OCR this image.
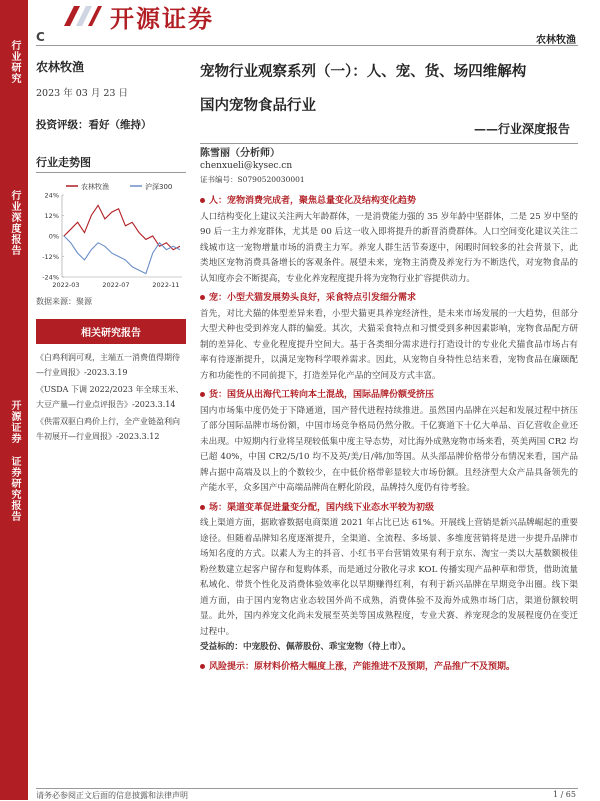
行业研究
行业深度报告
开源证券 证券研究报告
开源证券
C	农林牧渔
农林牧渔
2023 年 03 月 23 日
投资评级：看好（维持）
行业走势图
农林牧渔	沪深300
24%
12%
0%
-12%
-24%
2022-03	2022-07	2022-11
数据来源：聚源
相关研究报告
《白鸡利润可观，主端五一消费值得期待—行业周报》-2023.3.19
《USDA 下调 2022/2023 年全球玉米、大豆产量—行业点评报告》-2023.3.14
《供需双驱白鸡价上行，全产业链盈利向牛初展开—行业周报》-2023.3.12
宠物行业观察系列（一）：人、宠、货、场四维解构
国内宠物食品行业
——行业深度报告
陈雪丽（分析师）
chenxueli@kysec.cn
证书编号：S0790520030001
人：宠物消费完成者，聚焦总量变化及结构变化趋势
人口结构变化上建议关注两大年龄群体，一是消费能力强的 35 岁年龄中坚群体，二是 25 岁中坚的 90 后一主力养宠群体，尤其是 00 后这一收入即将提升的新晋消费群体。人口空间变化建议关注二线城市这一宠物增量市场的消费主力军。养宠人群生活节奏逐中，闲暇时间较多的社会背景下，此类地区宠物消费具备增长的客观条件。展望未来，宠物主消费及养宠行为不断迭代，对宠物食品的认知度亦会不断提高，专业化养宠程度提升将为宠物行业扩容提供动力。
宠：小型犬猫发展势头良好，采食特点引发细分需求
首先，对比犬猫的体型差异来看，小型犬猫更具养宠经济性，是未来市场发展的一大趋势，但部分大型犬种也受到养宠人群的偏爱。其次，犬猫采食特点和习惯受到多种因素影响，宠物食品配方研制的差异化、专业化程度提升空间大。基于各类细分需求进行打造设计的专业化犬猫食品市场占有率有待逐渐提升，以满足宠物科学喂养需求。因此，从宠物自身特性总结来看，宠物食品在廉颐配方和功能性的不同前提下，打造差异化产品的空间及方式丰富。
货：国货从出海代工转向本土混战，国际品牌份额受挤压
国内市场集中度仍处于下降通道，国产替代进程持续推进。虽然国内品牌在兴起和发展过程中挤压了部分国际品牌市场份额，中国市场竞争格局仍然分散。千亿赛道下十亿大单品、百亿营收企业还未出现。中短期内行业将呈现较低集中度主导态势，对比海外成熟宠物市场来看，英美两国 CR2 均已超 40%，中国 CR2/5/10 均不及英/美/日/韩/加等国。从头部品牌价格带分布情况来看，国产品牌占据中高端及以上的个数较少，在中低价格带彰显较大市场份额。且经济型大众产品具备领先的产能水平，众多国产中高端品牌尚在孵化阶段，品牌持久度仍有待考验。
场：渠道变革促进量变分配，国内线下业态水平较为初级
线上渠道方面，据欧睿数据电商渠道 2021 年占比已达 61%。开展线上营销是新兴品牌崛起的重要途径。但随着品牌知名度逐渐提升，全渠道、全流程、多场景、多维度营销将是进一步提升品牌市场知名度的方式。以素人为主的抖音、小红书平台营销效果有利于京东、淘宝一类以大基数额极佳粉丝数建立起客户留存和复购体系，而是通过分散化寻求 KOL 传播实现产品种草和带货，借助流量私域化、带货个性化及消费体验效率化以早期赚得红利，有利于新兴品牌在早期竞争出圈。线下渠道方面，由于国内宠物店业态较国外尚不成熟，消费体验不及海外成熟市场门店，渠道份额较明显。此外，国内养宠文化尚未发展至英美等国成熟程度，专业犬赛、养宠现念的发展程度仍在变迁过程中。
受益标的：中宠股份、佩蒂股份、乖宝宠物（待上市）。
风险提示：原材料价格大幅度上涨，产能推进不及预期，产品推广不及预期。
请务必参阅正文后面的信息披露和法律声明	1 / 65
